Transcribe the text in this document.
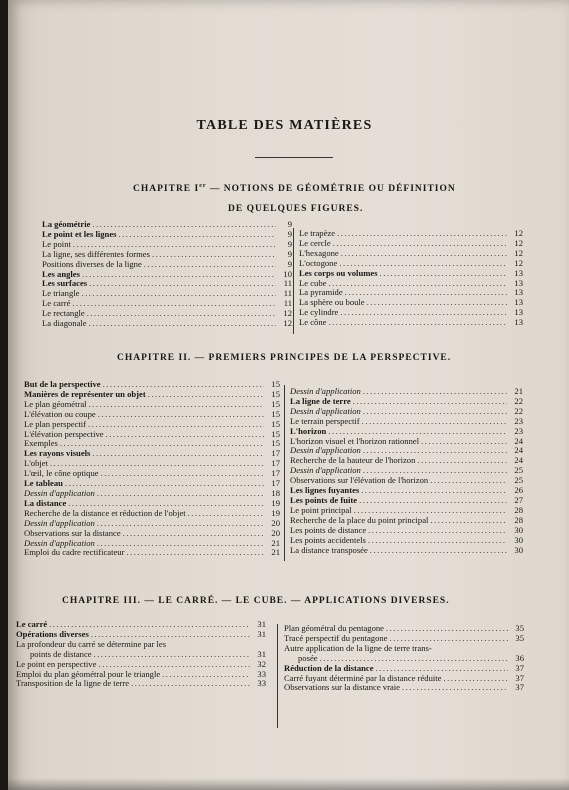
TABLE DES MATIÈRES
CHAPITRE Ier — NOTIONS DE GÉOMÉTRIE OU DÉFINITION
DE QUELQUES FIGURES.
La géométrie .....	9
Le point et les lignes .....	9
Le point .....	9
La ligne, ses différentes formes .....	9
Positions diverses de la ligne .....	9
Les angles .....	10
Les surfaces .....	11
Le triangle .....	11
Le carré .....	11
Le rectangle .....	12
La diagonale .....	12
Le trapèze .....	12
Le cercle .....	12
L'hexagone .....	12
L'octogone .....	12
Les corps ou volumes .....	13
Le cube .....	13
La pyramide .....	13
La sphère ou boule .....	13
Le cylindre .....	13
Le cône .....	13
CHAPITRE II. — PREMIERS PRINCIPES DE LA PERSPECTIVE.
But de la perspective .....	15
Manières de représenter un objet .....	15
Le plan géométral .....	15
L'élévation ou coupe .....	15
Le plan perspectif .....	15
L'élévation perspective .....	15
Exemples .....	15
Les rayons visuels .....	17
L'objet .....	17
L'œil, le cône optique .....	17
Le tableau .....	17
Dessin d'application .....	18
La distance .....	19
Recherche de la distance et réduction de l'objet .....	19
Dessin d'application .....	20
Observations sur la distance .....	20
Dessin d'application .....	21
Emploi du cadre rectificateur .....	21
Dessin d'application .....	21
La ligne de terre .....	22
Dessin d'application .....	22
Le terrain perspectif .....	23
L'horizon .....	23
L'horizon visuel et l'horizon rationnel .....	24
Dessin d'application .....	24
Recherche de la hauteur de l'horizon .....	24
Dessin d'application .....	25
Observations sur l'élévation de l'horizon .....	25
Les lignes fuyantes .....	26
Les points de fuite .....	27
Le point principal .....	28
Recherche de la place du point principal .....	28
Les points de distance .....	30
Les points accidentels .....	30
La distance transposée .....	30
CHAPITRE III. — LE CARRÉ. — LE CUBE. — APPLICATIONS DIVERSES.
Le carré .....	31
Opérations diverses .....	31
La profondeur du carré se détermine par les
points de distance .....	31
Le point en perspective .....	32
Emploi du plan géométral pour le triangle .....	33
Transposition de la ligne de terre .....	33
Plan géométral du pentagone .....	35
Tracé perspectif du pentagone .....	35
Autre application de la ligne de terre trans-
posée .....	36
Réduction de la distance .....	37
Carré fuyant déterminé par la distance réduite .....	37
Observations sur la distance vraie .....	37
